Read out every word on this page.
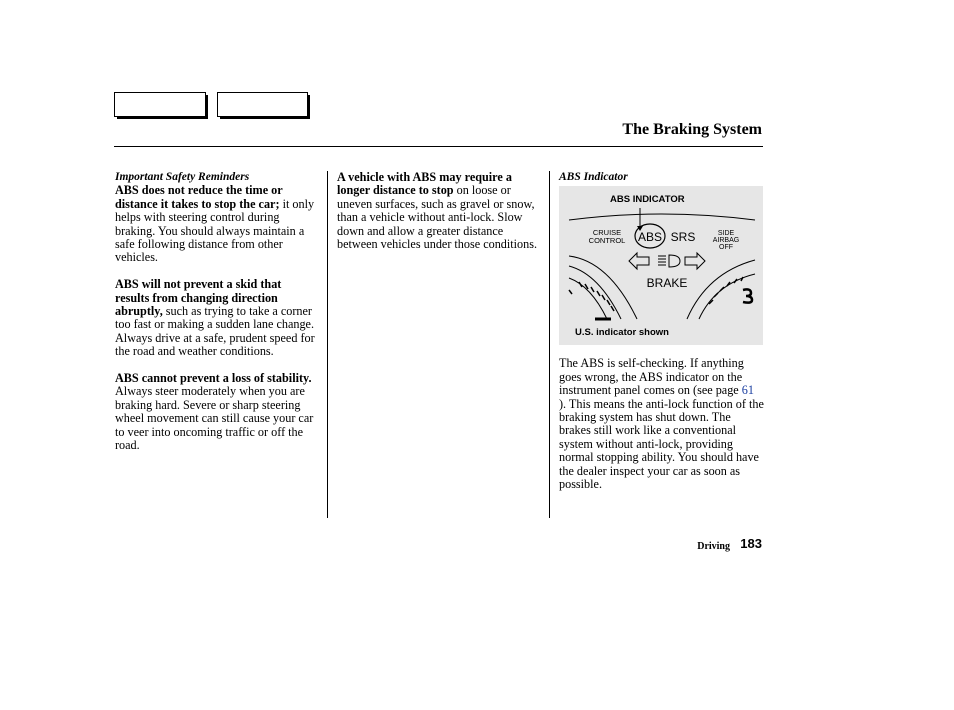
The Braking System
Important Safety Reminders

ABS does not reduce the time or distance it takes to stop the car; it only helps with steering control during braking. You should always maintain a safe following distance from other vehicles.

ABS will not prevent a skid that results from changing direction abruptly, such as trying to take a corner too fast or making a sudden lane change. Always drive at a safe, prudent speed for the road and weather conditions.

ABS cannot prevent a loss of stability. Always steer moderately when you are braking hard. Severe or sharp steering wheel movement can still cause your car to veer into oncoming traffic or off the road.

A vehicle with ABS may require a longer distance to stop on loose or uneven surfaces, such as gravel or snow, than a vehicle without anti-lock. Slow down and allow a greater distance between vehicles under those conditions.

ABS Indicator
CRUISE
CONTROL ABS SRS	SIDE
AIRBAG
OFF
BRAKE
ABS INDICATOR
U.S. indicator shown

The ABS is self-checking. If anything goes wrong, the ABS indicator on the instrument panel comes on (see page 61 ). This means the anti-lock function of the braking system has shut down. The brakes still work like a conventional system without anti-lock, providing normal stopping ability. You should have the dealer inspect your car as soon as possible.

Driving 183
